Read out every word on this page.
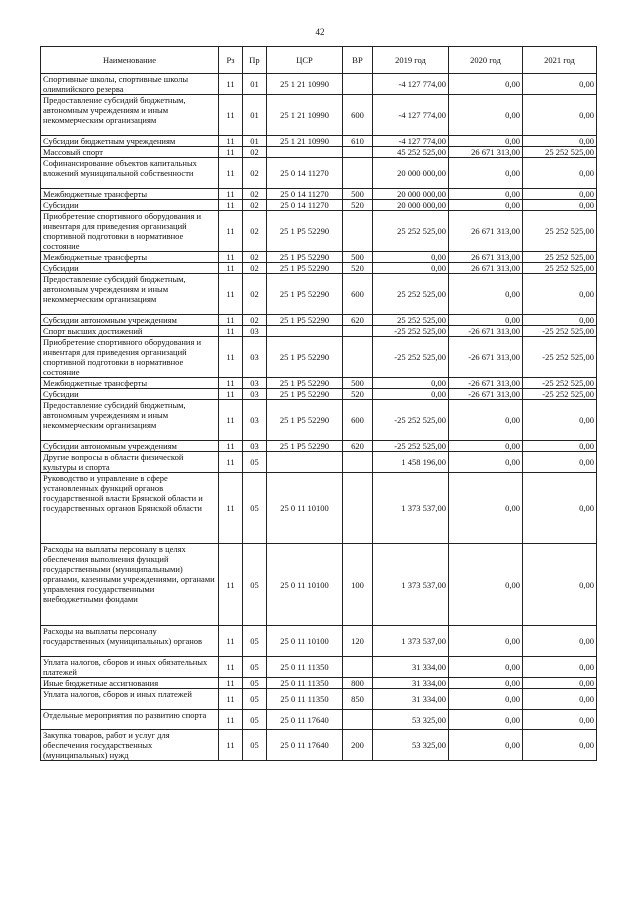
42
Наименование	Рз	Пр	ЦСР	ВР	2019 год	2020 год	2021 год
Спортивные школы, спортивные школы олимпийского резерва	11	01	25 1 21 10990		-4 127 774,00	0,00	0,00
Предоставление субсидий бюджетным, автономным учреждениям и иным некоммерческим организациям	11	01	25 1 21 10990	600	-4 127 774,00	0,00	0,00
Субсидии бюджетным учреждениям	11	01	25 1 21 10990	610	-4 127 774,00	0,00	0,00
Массовый спорт	11	02			45 252 525,00	26 671 313,00	25 252 525,00
Софинансирование объектов капитальных вложений муниципальной собственности	11	02	25 0 14 11270		20 000 000,00	0,00	0,00
Межбюджетные трансферты	11	02	25 0 14 11270	500	20 000 000,00	0,00	0,00
Субсидии	11	02	25 0 14 11270	520	20 000 000,00	0,00	0,00
Приобретение спортивного оборудования и инвентаря для приведения организаций спортивной подготовки в нормативное состояние	11	02	25 1 P5 52290		25 252 525,00	26 671 313,00	25 252 525,00
Межбюджетные трансферты	11	02	25 1 P5 52290	500	0,00	26 671 313,00	25 252 525,00
Субсидии	11	02	25 1 P5 52290	520	0,00	26 671 313,00	25 252 525,00
Предоставление субсидий бюджетным, автономным учреждениям и иным некоммерческим организациям	11	02	25 1 P5 52290	600	25 252 525,00	0,00	0,00
Субсидии автономным учреждениям	11	02	25 1 P5 52290	620	25 252 525,00	0,00	0,00
Спорт высших достижений	11	03			-25 252 525,00	-26 671 313,00	-25 252 525,00
Приобретение спортивного оборудования и инвентаря для приведения организаций спортивной подготовки в нормативное состояние	11	03	25 1 P5 52290		-25 252 525,00	-26 671 313,00	-25 252 525,00
Межбюджетные трансферты	11	03	25 1 P5 52290	500	0,00	-26 671 313,00	-25 252 525,00
Субсидии	11	03	25 1 P5 52290	520	0,00	-26 671 313,00	-25 252 525,00
Предоставление субсидий бюджетным, автономным учреждениям и иным некоммерческим организациям	11	03	25 1 P5 52290	600	-25 252 525,00	0,00	0,00
Субсидии автономным учреждениям	11	03	25 1 P5 52290	620	-25 252 525,00	0,00	0,00
Другие вопросы в области физической культуры и спорта	11	05			1 458 196,00	0,00	0,00
Руководство и управление в сфере установленных функций органов государственной власти Брянской области и государственных органов Брянской области	11	05	25 0 11 10100		1 373 537,00	0,00	0,00
Расходы на выплаты персоналу в целях обеспечения выполнения функций государственными (муниципальными) органами, казенными учреждениями, органами управления государственными внебюджетными фондами	11	05	25 0 11 10100	100	1 373 537,00	0,00	0,00
Расходы на выплаты персоналу государственных (муниципальных) органов	11	05	25 0 11 10100	120	1 373 537,00	0,00	0,00
Уплата налогов, сборов и иных обязательных платежей	11	05	25 0 11 11350		31 334,00	0,00	0,00
Иные бюджетные ассигнования	11	05	25 0 11 11350	800	31 334,00	0,00	0,00
Уплата налогов, сборов и иных платежей	11	05	25 0 11 11350	850	31 334,00	0,00	0,00
Отдельные мероприятия по развитию спорта	11	05	25 0 11 17640		53 325,00	0,00	0,00
Закупка товаров, работ и услуг для обеспечения государственных (муниципальных) нужд	11	05	25 0 11 17640	200	53 325,00	0,00	0,00
